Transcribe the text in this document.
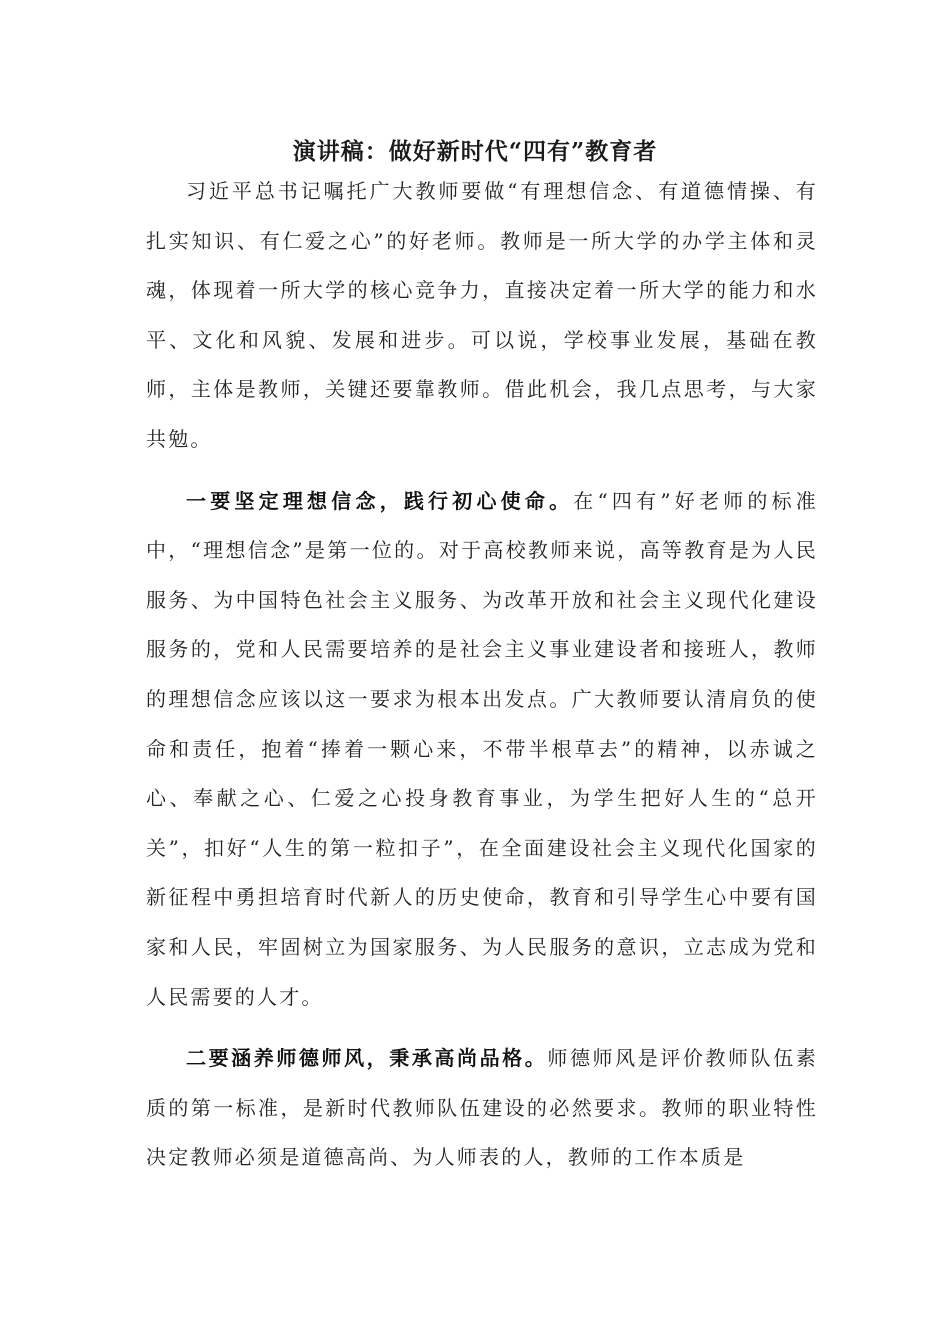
演讲稿：做好新时代“四有”教育者

习近平总书记嘱托广大教师要做“有理想信念、有道德情操、有扎实知识、有仁爱之心”的好老师。教师是一所大学的办学主体和灵魂，体现着一所大学的核心竞争力，直接决定着一所大学的能力和水平、文化和风貌、发展和进步。可以说，学校事业发展，基础在教师，主体是教师，关键还要靠教师。借此机会，我几点思考，与大家共勉。

一要坚定理想信念，践行初心使命。在“四有”好老师的标准中，“理想信念”是第一位的。对于高校教师来说，高等教育是为人民服务、为中国特色社会主义服务、为改革开放和社会主义现代化建设服务的，党和人民需要培养的是社会主义事业建设者和接班人，教师的理想信念应该以这一要求为根本出发点。广大教师要认清肩负的使命和责任，抱着“捧着一颗心来，不带半根草去”的精神，以赤诚之心、奉献之心、仁爱之心投身教育事业，为学生把好人生的“总开关”，扣好“人生的第一粒扣子”，在全面建设社会主义现代化国家的新征程中勇担培育时代新人的历史使命，教育和引导学生心中要有国家和人民，牢固树立为国家服务、为人民服务的意识，立志成为党和人民需要的人才。

二要涵养师德师风，秉承高尚品格。师德师风是评价教师队伍素质的第一标准，是新时代教师队伍建设的必然要求。教师的职业特性决定教师必须是道德高尚、为人师表的人，教师的工作本质是
